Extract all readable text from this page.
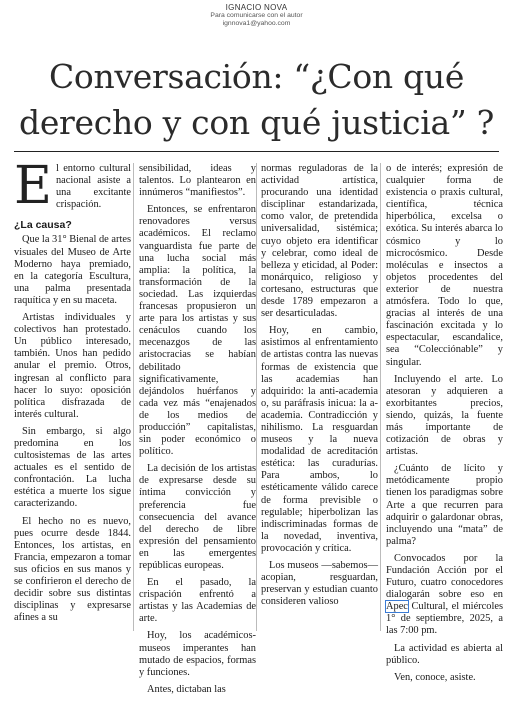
IGNACIO NOVA
Para comunicarse con el autor
ignnova1@yahoo.com
Conversación: “¿Con qué
derecho y con qué justicia” ?

El entorno cultural nacional asiste a una excitante crispación.

¿La causa?

Que la 31° Bienal de artes visuales del Museo de Arte Moderno haya premiado, en la categoría Escultura, una palma presentada raquítica y en su maceta.

Artistas individuales y colectivos han protestado. Un público interesado, también. Unos han pedido anular el premio. Otros, ingresan al conflicto para hacer lo suyo: oposición política disfrazada de interés cultural.

Sin embargo, si algo predomina en los cultosistemas de las artes actuales es el sentido de confrontación. La lucha estética a muerte los sigue caracterizando.

El hecho no es nuevo, pues ocurre desde 1844. Entonces, los artistas, en Francia, empezaron a tomar sus oficios en sus manos y se confirieron el derecho de decidir sobre sus distintas disciplinas y expresarse afines a su

sensibilidad, ideas y talentos. Lo plantearon en innúmeros “manifiestos”.

Entonces, se enfrentaron renovadores versus académicos. El reclamo vanguardista fue parte de una lucha social más amplia: la política, la transformación de la sociedad. Las izquierdas francesas propusieron un arte para los artistas y sus cenáculos cuando los mecenazgos de las aristocracias se habían debilitado significativamente, dejándolos huérfanos y cada vez más “enajenados de los medios de producción” capitalistas, sin poder económico o político.

La decisión de los artistas de expresarse desde su íntima convicción y preferencia fue consecuencia del avance del derecho de libre expresión del pensamiento en las emergentes repúblicas europeas.

En el pasado, la crispación enfrentó a artistas y las Academias de arte.

Hoy, los académicos-museos imperantes han mutado de espacios, formas y funciones.

Antes, dictaban las

normas reguladoras de la actividad artística, procurando una identidad disciplinar estandarizada, como valor, de pretendida universalidad, sistémica; cuyo objeto era identificar y celebrar, como ideal de belleza y eticidad, al Poder: monárquico, religioso y cortesano, estructuras que desde 1789 empezaron a ser desarticuladas.

Hoy, en cambio, asistimos al enfrentamiento de artistas contra las nuevas formas de existencia que las academias han adquirido: la anti-academia o, su paráfrasis inicua: la a-academia. Contradicción y nihilismo. La resguardan museos y la nueva modalidad de acreditación estética: las curadurías. Para ambos, lo estéticamente válido carece de forma previsible o regulable; hiperbolizan las indiscriminadas formas de la novedad, inventiva, provocación y crítica.

Los museos —sabemos— acopian, resguardan, preservan y estudian cuanto consideren valioso

o de interés; expresión de cualquier forma de existencia o praxis cultural, científica, técnica hiperbólica, excelsa o exótica. Su interés abarca lo cósmico y lo microcósmico. Desde moléculas e insectos a objetos procedentes del exterior de nuestra atmósfera. Todo lo que, gracias al interés de una fascinación excitada y lo espectacular, escandalice, sea “Colecciónable” y singular.

Incluyendo el arte. Lo atesoran y adquieren a exorbitantes precios, siendo, quizás, la fuente más importante de cotización de obras y artistas.

¿Cuánto de lícito y metódicamente propio tienen los paradigmas sobre Arte a que recurren para adquirir o galardonar obras, incluyendo una “mata” de palma?

Convocados por la Fundación Acción por el Futuro, cuatro conocedores dialogarán sobre eso en Apec Cultural, el miércoles 1° de septiembre, 2025, a las 7:00 pm.

La actividad es abierta al público.

Ven, conoce, asiste.
